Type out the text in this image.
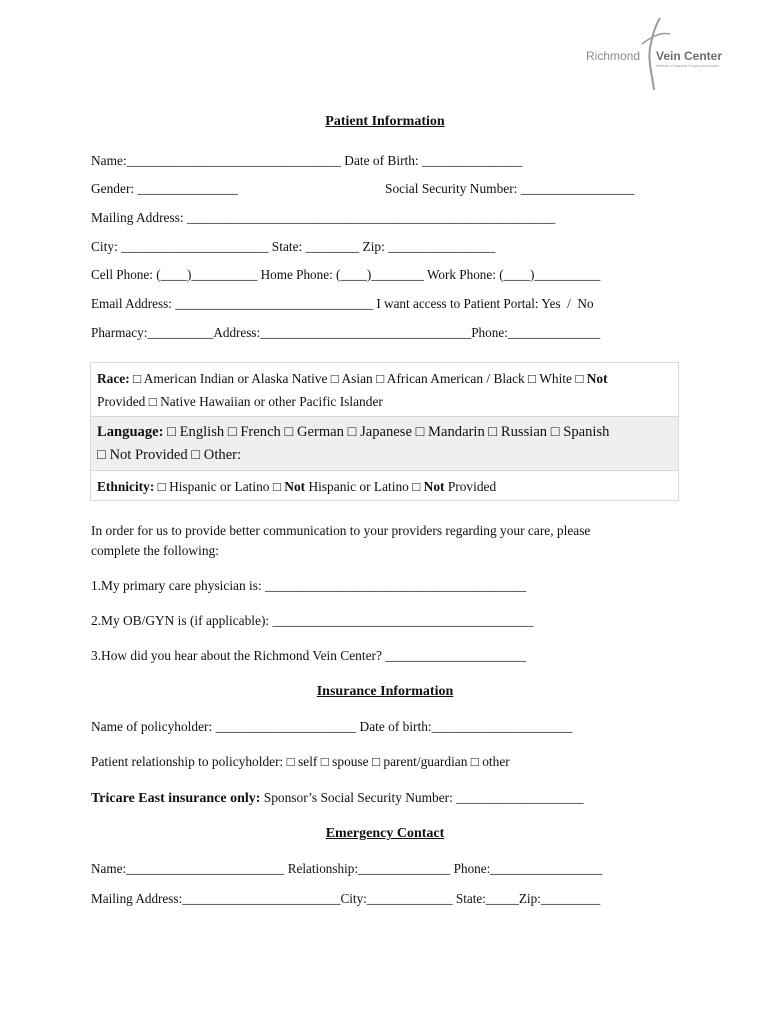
Richmond Vein Center
Institute of Vascular Surgery Associates
Patient Information
Name:________________________________ Date of Birth: _______________
Gender: _______________	Social Security Number: _________________
Mailing Address: _______________________________________________________
City: ______________________ State: ________ Zip: ________________
Cell Phone: (____)__________ Home Phone: (____)________ Work Phone: (____)__________
Email Address: ______________________________ I want access to Patient Portal: Yes  /  No
Pharmacy:__________Address:________________________________Phone:______________
Race: □ American Indian or Alaska Native □ Asian □ African American / Black □ White □ Not
Provided □ Native Hawaiian or other Pacific Islander
Language: □ English □ French □ German □ Japanese □ Mandarin □ Russian □ Spanish
□ Not Provided □ Other:
Ethnicity: □ Hispanic or Latino □ Not Hispanic or Latino □ Not Provided
In order for us to provide better communication to your providers regarding your care, please
complete the following:
1.My primary care physician is: _______________________________________
2.My OB/GYN is (if applicable): _______________________________________
3.How did you hear about the Richmond Vein Center? _____________________
Insurance Information
Name of policyholder: _____________________ Date of birth:_____________________
Patient relationship to policyholder: □ self □ spouse □ parent/guardian □ other
Tricare East insurance only: Sponsor’s Social Security Number: ___________________
Emergency Contact
Name:________________________ Relationship:______________ Phone:_________________
Mailing Address:________________________City:_____________ State:_____Zip:_________
